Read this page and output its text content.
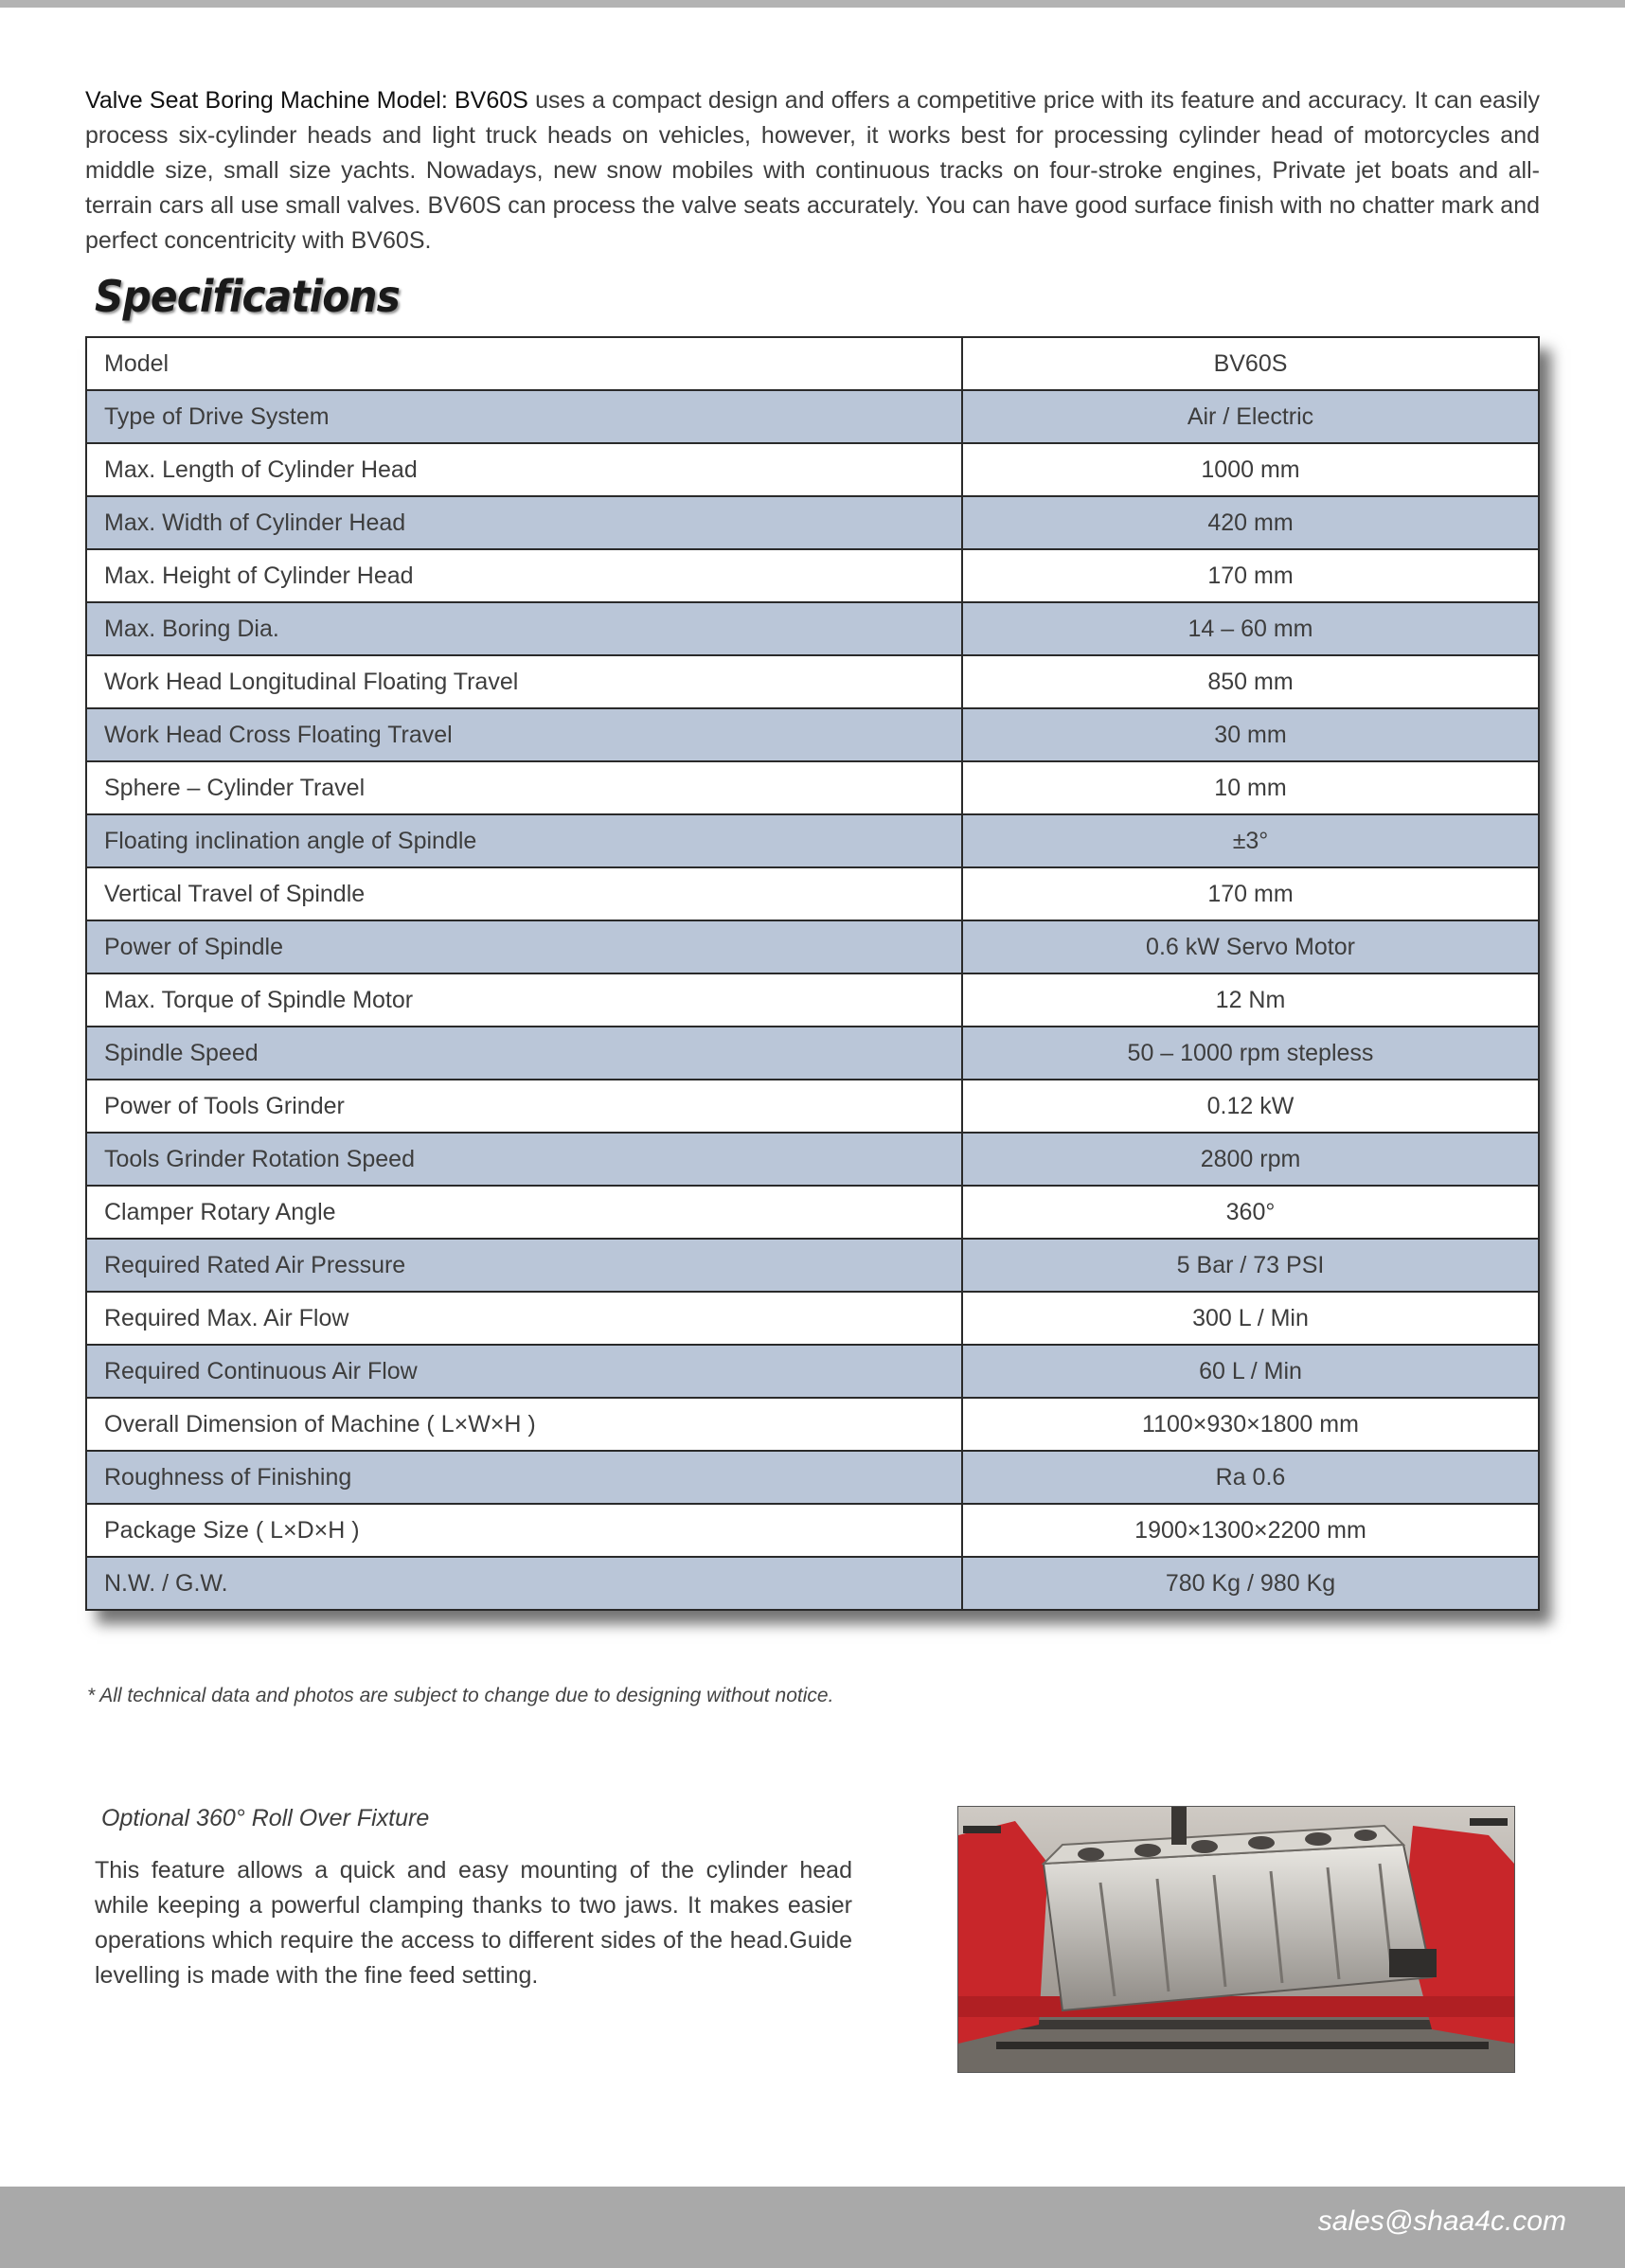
Valve Seat Boring Machine Model: BV60S uses a compact design and offers a competitive price with its feature and accuracy. It can easily process six-cylinder heads and light truck heads on vehicles, however, it works best for processing cylinder head of motorcycles and middle size, small size yachts. Nowadays, new snow mobiles with continuous tracks on four-stroke engines, Private jet boats and all-terrain cars all use small valves. BV60S can process the valve seats accurately. You can have good surface finish with no chatter mark and perfect concentricity with BV60S.

Specifications
Model	BV60S
Type of Drive System	Air / Electric
Max. Length of Cylinder Head	1000 mm
Max. Width of Cylinder Head	420 mm
Max. Height of Cylinder Head	170 mm
Max. Boring Dia.	14 – 60 mm
Work Head Longitudinal Floating Travel	850 mm
Work Head Cross Floating Travel	30 mm
Sphere – Cylinder Travel	10 mm
Floating inclination angle of Spindle	±3°
Vertical Travel of Spindle	170 mm
Power of Spindle	0.6 kW Servo Motor
Max. Torque of Spindle Motor	12 Nm
Spindle Speed	50 – 1000 rpm stepless
Power of Tools Grinder	0.12 kW
Tools Grinder Rotation Speed	2800 rpm
Clamper Rotary Angle	360°
Required Rated Air Pressure	5 Bar / 73 PSI
Required Max. Air Flow	300 L / Min
Required Continuous Air Flow	60 L / Min
Overall Dimension of Machine ( L×W×H )	1100×930×1800 mm
Roughness of Finishing	Ra 0.6
Package Size ( L×D×H )	1900×1300×2200 mm
N.W. / G.W.	780 Kg / 980 Kg

* All technical data and photos are subject to change due to designing without notice.

Optional 360° Roll Over Fixture

This feature allows a quick and easy mounting of the cylinder head while keeping a powerful clamping thanks to two jaws. It makes easier operations which require the access to different sides of the head.Guide levelling is made with the fine feed setting.

sales@shaa4c.com
